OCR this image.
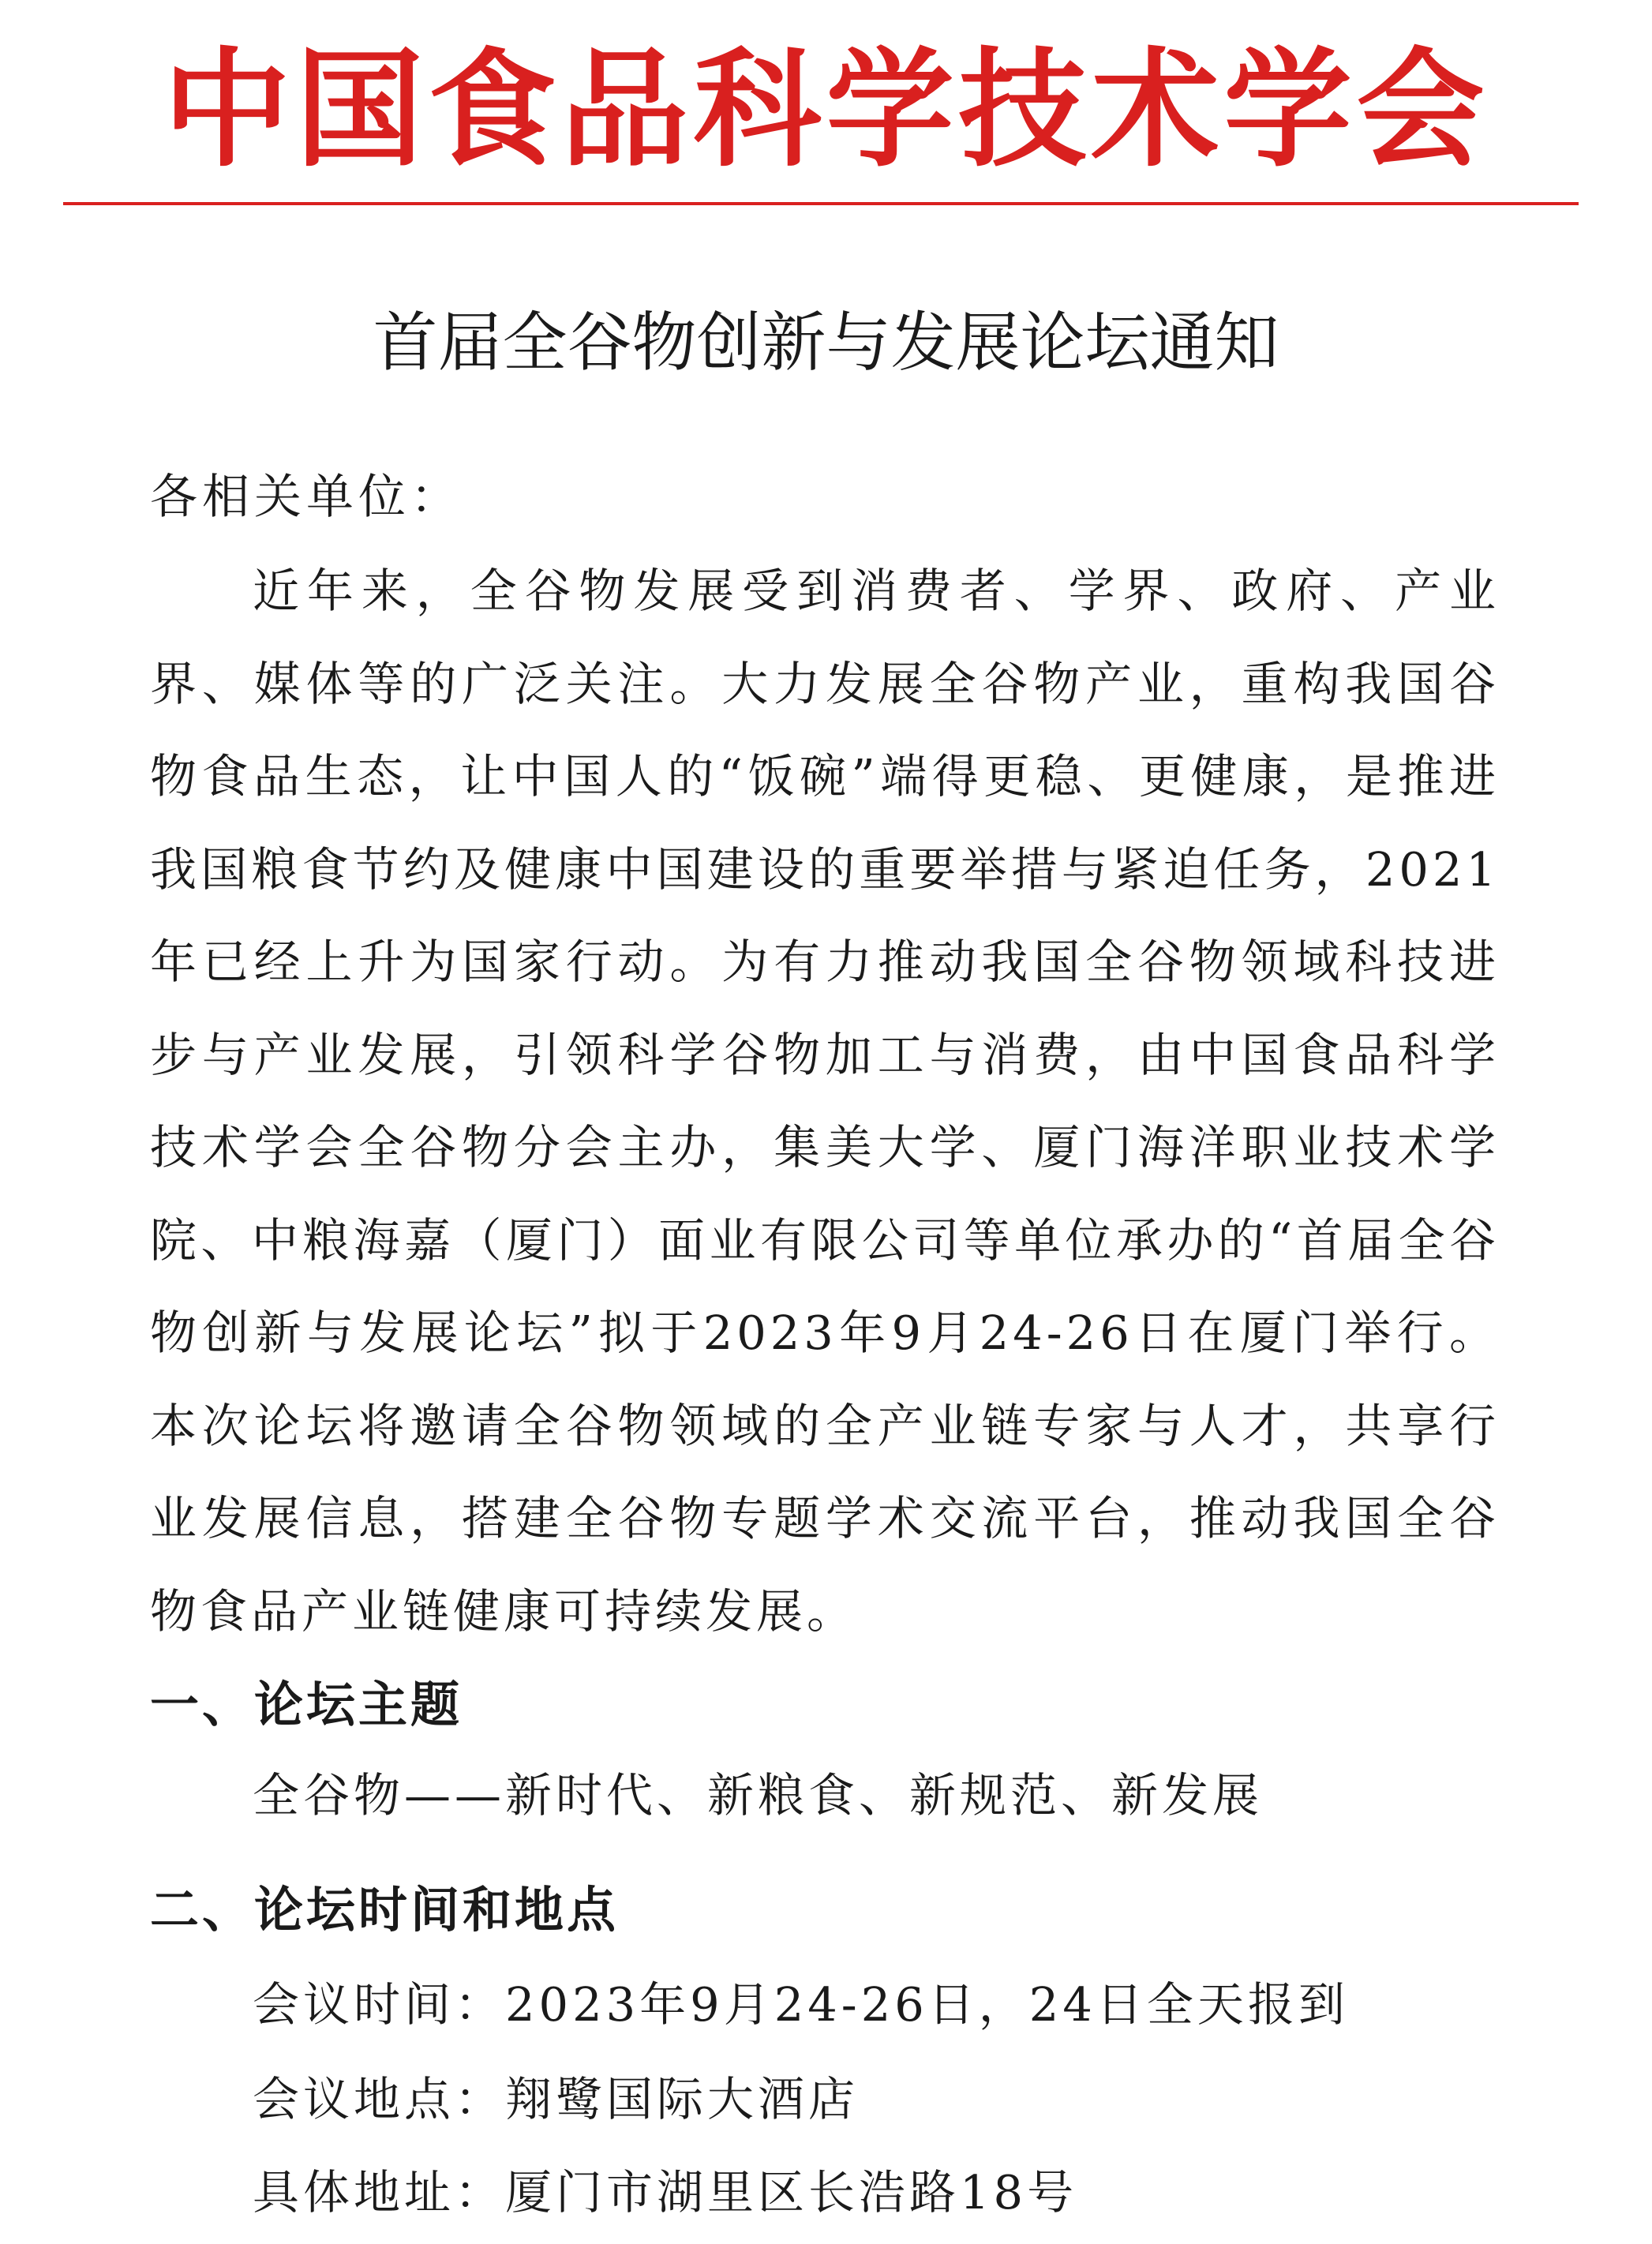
中国食品科学技术学会
首届全谷物创新与发展论坛通知
各相关单位：
近年来，全谷物发展受到消费者、学界、政府、产业界、媒体等的广泛关注。大力发展全谷物产业，重构我国谷物食品生态，让中国人的“饭碗”端得更稳、更健康，是推进我国粮食节约及健康中国建设的重要举措与紧迫任务，2021年已经上升为国家行动。为有力推动我国全谷物领域科技进步与产业发展，引领科学谷物加工与消费，由中国食品科学技术学会全谷物分会主办，集美大学、厦门海洋职业技术学院、中粮海嘉（厦门）面业有限公司等单位承办的“首届全谷物创新与发展论坛”拟于2023年9月24-26日在厦门举行。本次论坛将邀请全谷物领域的全产业链专家与人才，共享行业发展信息，搭建全谷物专题学术交流平台，推动我国全谷物食品产业链健康可持续发展。
一、论坛主题
全谷物——新时代、新粮食、新规范、新发展
二、论坛时间和地点
会议时间：2023年9月24-26日，24日全天报到
会议地点：翔鹭国际大酒店
具体地址：厦门市湖里区长浩路18号
